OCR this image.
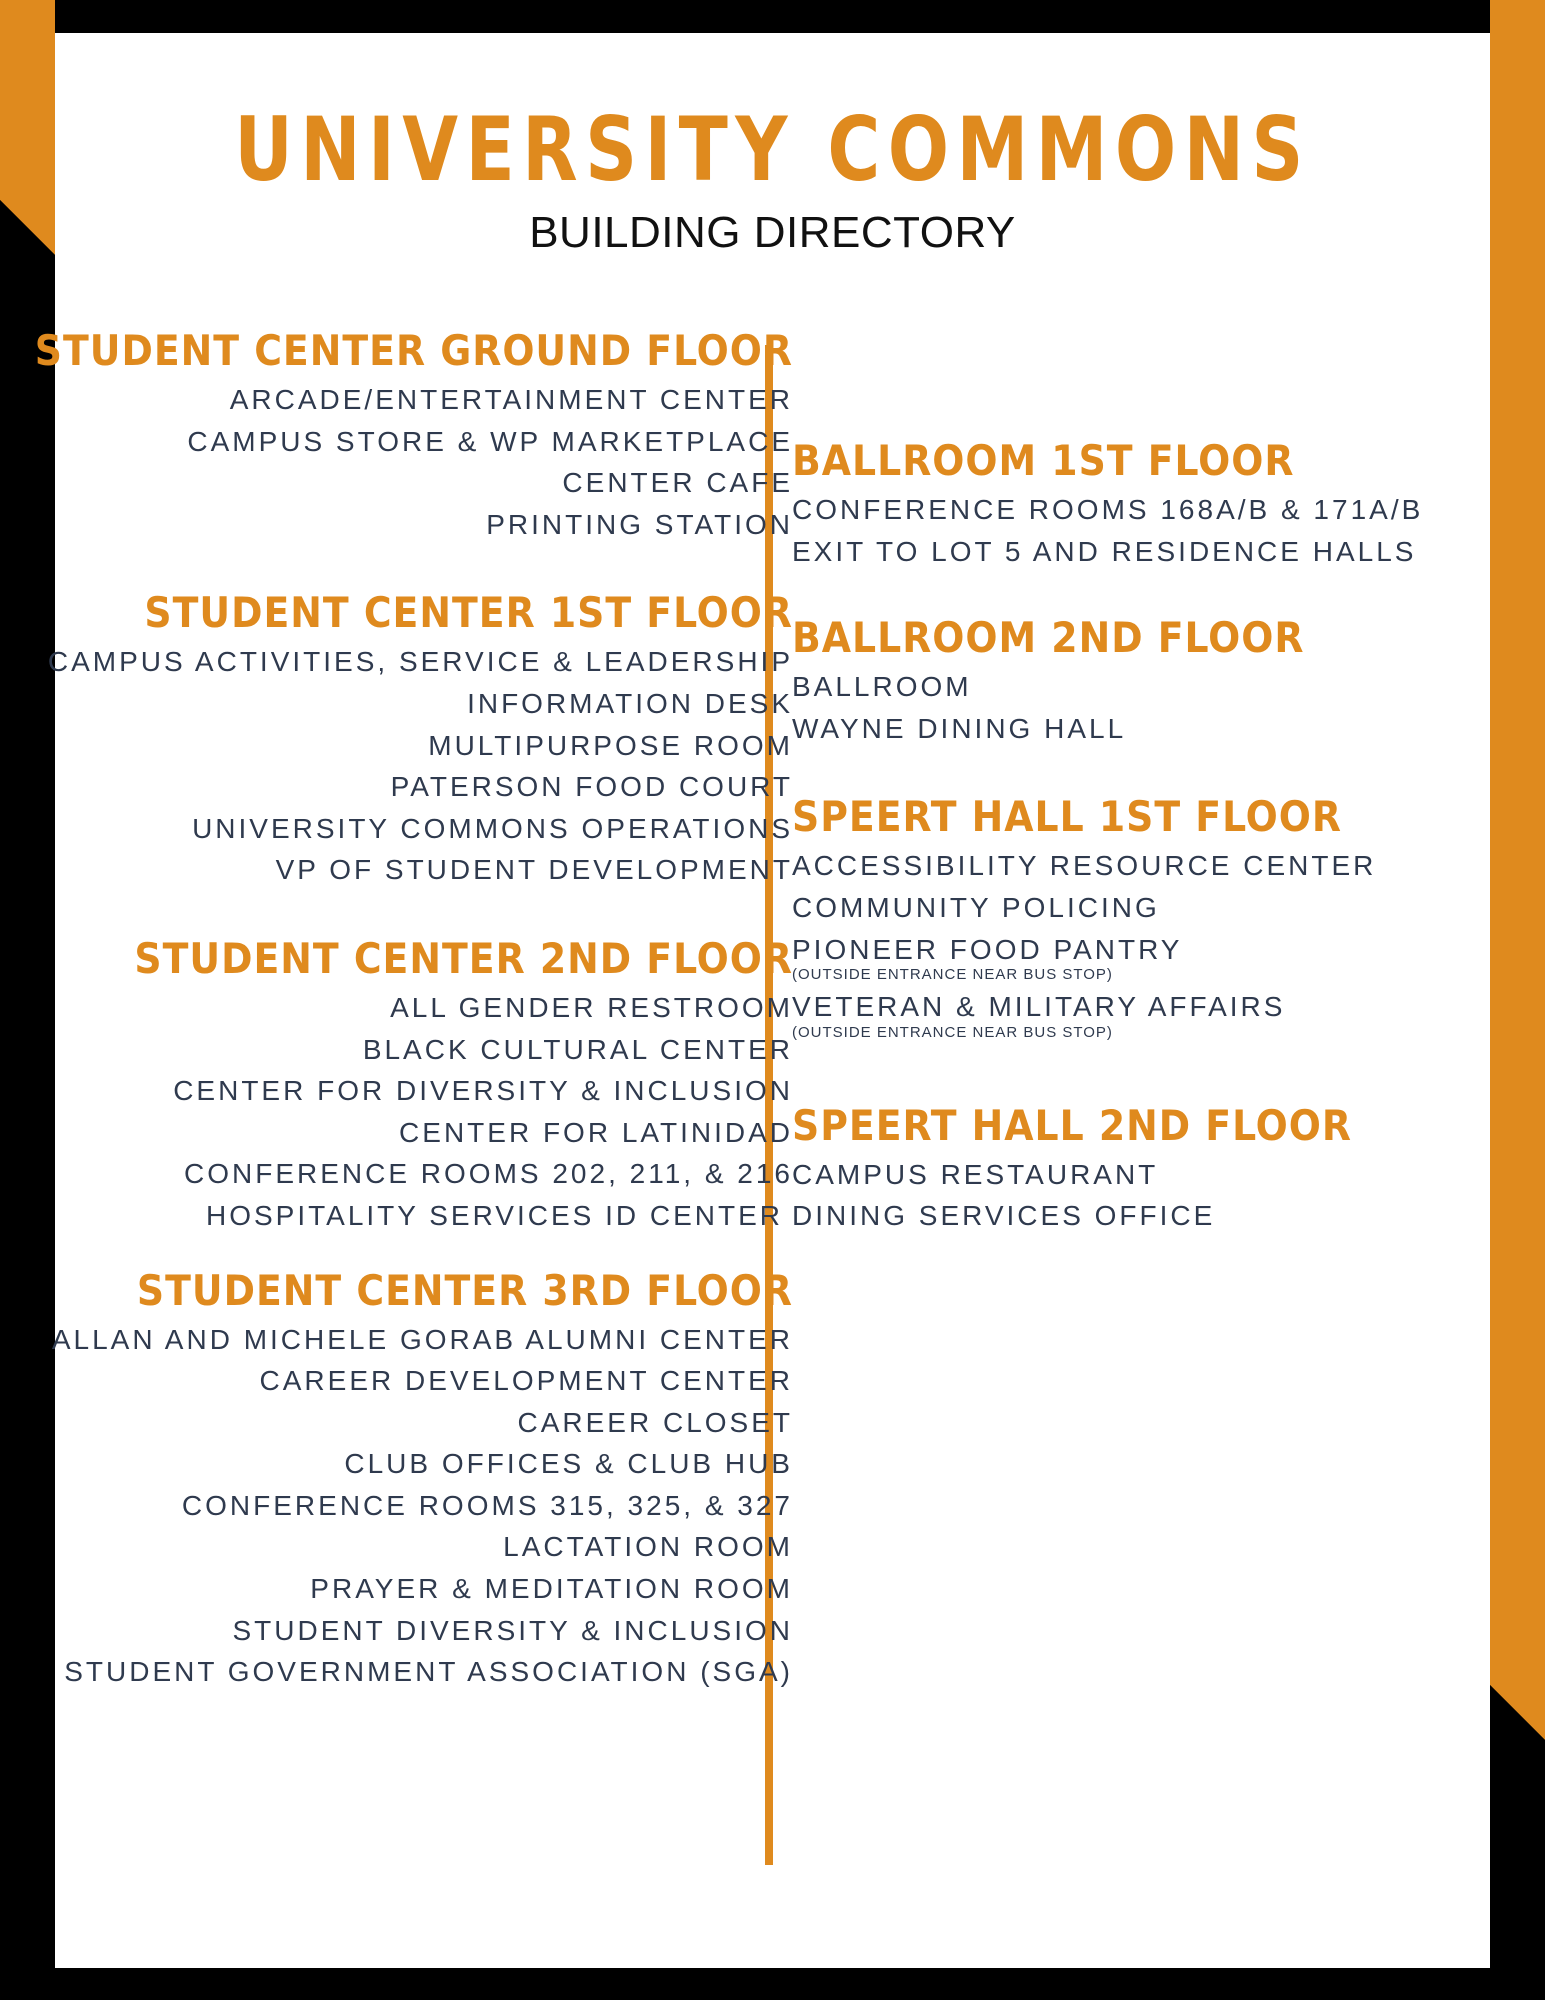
UNIVERSITY COMMONS
BUILDING DIRECTORY
STUDENT CENTER GROUND FLOOR
ARCADE/ENTERTAINMENT CENTER
CAMPUS STORE & WP MARKETPLACE
CENTER CAFE
PRINTING STATION
STUDENT CENTER 1ST FLOOR
CAMPUS ACTIVITIES, SERVICE & LEADERSHIP
INFORMATION DESK
MULTIPURPOSE ROOM
PATERSON FOOD COURT
UNIVERSITY COMMONS OPERATIONS
VP OF STUDENT DEVELOPMENT
STUDENT CENTER 2ND FLOOR
ALL GENDER RESTROOM
BLACK CULTURAL CENTER
CENTER FOR DIVERSITY & INCLUSION
CENTER FOR LATINIDAD
CONFERENCE ROOMS 202, 211, & 216
HOSPITALITY SERVICES ID CENTER
STUDENT CENTER 3RD FLOOR
ALLAN AND MICHELE GORAB ALUMNI CENTER
CAREER DEVELOPMENT CENTER
CAREER CLOSET
CLUB OFFICES & CLUB HUB
CONFERENCE ROOMS 315, 325, & 327
LACTATION ROOM
PRAYER & MEDITATION ROOM
STUDENT DIVERSITY & INCLUSION
STUDENT GOVERNMENT ASSOCIATION (SGA)
BALLROOM 1ST FLOOR
CONFERENCE ROOMS 168A/B & 171A/B
EXIT TO LOT 5 AND RESIDENCE HALLS
BALLROOM 2ND FLOOR
BALLROOM
WAYNE DINING HALL
SPEERT HALL 1ST FLOOR
ACCESSIBILITY RESOURCE CENTER
COMMUNITY POLICING
PIONEER FOOD PANTRY
(OUTSIDE ENTRANCE NEAR BUS STOP)
VETERAN & MILITARY AFFAIRS
(OUTSIDE ENTRANCE NEAR BUS STOP)
SPEERT HALL 2ND FLOOR
CAMPUS RESTAURANT
DINING SERVICES OFFICE
